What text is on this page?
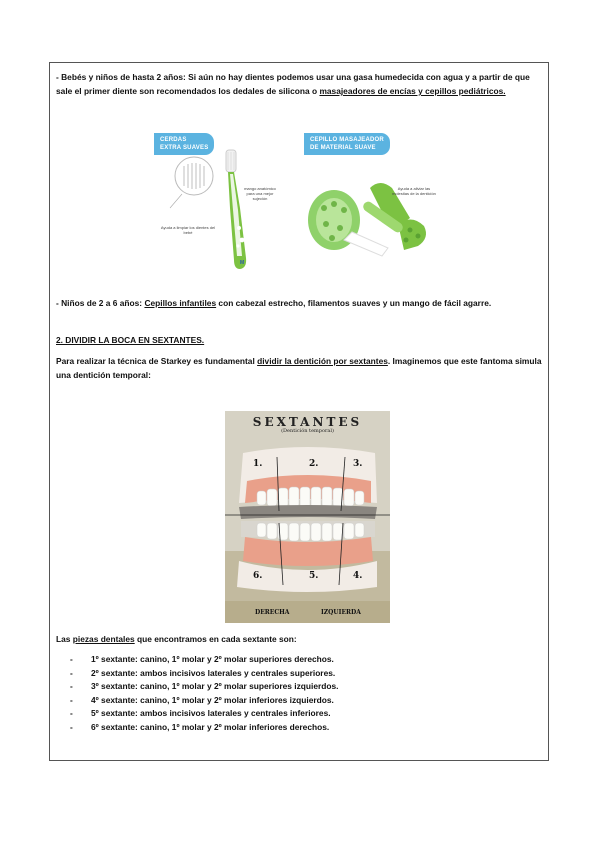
- Bebés y niños de hasta 2 años: Si aún no hay dientes podemos usar una gasa humedecida con agua y a partir de que sale el primer diente son recomendados los dedales de silicona o masajeadores de encías y cepillos pediátricos.
CERDAS
EXTRA SUAVES
M
mango anatómico para una mejor sujeción
Ayuda a limpiar los dientes del bebé
CEPILLO MASAJEADOR
DE MATERIAL SUAVE
Ayuda a aliviar las molestias de la dentición
- Niños de 2 a 6 años: Cepillos infantiles con cabezal estrecho, filamentos suaves y un mango de fácil agarre.
2. DIVIDIR LA BOCA EN SEXTANTES.
Para realizar la técnica de Starkey es fundamental dividir la dentición por sextantes. Imaginemos que este fantoma simula una dentición temporal:
SEXTANTES
(Dentición temporal)
1.	2.	3.
4.
5.
6.
DERECHA	IZQUIERDA
Las piezas dentales que encontramos en cada sextante son:
- 1º sextante: canino, 1º molar y 2º molar superiores derechos.
- 2º sextante: ambos incisivos laterales y centrales superiores.
- 3º sextante: canino, 1º molar y 2º molar superiores izquierdos.
- 4º sextante: canino, 1º molar y 2º molar inferiores izquierdos.
- 5º sextante: ambos incisivos laterales y centrales inferiores.
- 6º sextante: canino, 1º molar y 2º molar inferiores derechos.
